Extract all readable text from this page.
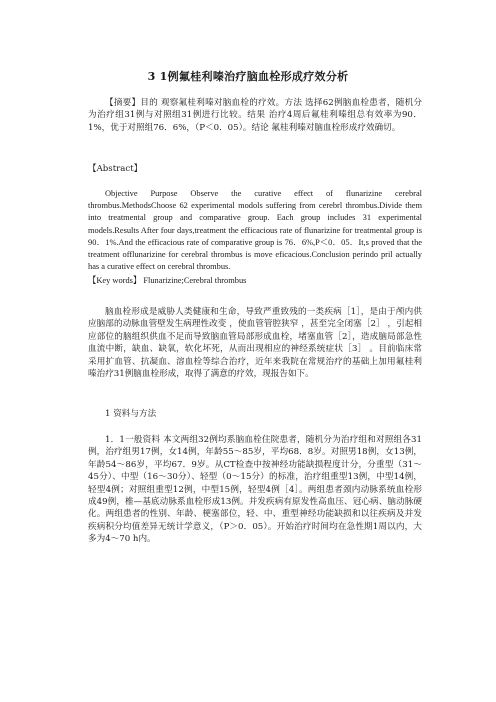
3 1例氟桂利嗪治疗脑血栓形成疗效分析
【摘要】目的 观察氟桂利嗪对脑血栓的疗效。方法 选择62例脑血栓患者，随机分为治疗组31例与对照组31例进行比较。结果 治疗4周后氟桂利嗪组总有效率为90．1%，优于对照组76．6%，（P＜0．05）。结论 氟桂利嗪对脑血栓形成疗效确切。
【Abstract】
Objective Purpose Observe the curative effect of flunarizine cerebral thrombus.MethodsChoose 62 experimental modols suffering from cerebrl thrombus.Divide them into treatmental group and comparative group. Each group includes 31 experimental models.Results After four days,treatment the efficacious rate of flunarizine for treatmental group is 90．1%.And the efficacious rate of comparative group is 76．6%,P＜0．05．It,s proved that the treatment offlunarizine for cerebral thrombus is move eficacious.Conclusion perindo pril actually has a curative effect on cerebral thrombus.
【Key words】 Flunarizine;Cerebral thrombus
脑血栓形成是威胁人类健康和生命，导致严重致残的一类疾病［1］，是由于颅内供应脑部的动脉血管壁发生病理性改变 ，使血管管腔狭窄 ，甚至完全闭塞［2］ ，引起相应部位的脑组织供血不足而导致脑血管局部形成血栓，堵塞血管［2］，造成脑局部急性血流中断，缺血、缺氧，软化坏死，从而出现相应的神经系统症状［3］ 。目前临床常采用扩血管、抗凝血、溶血栓等综合治疗，近年来我院在常规治疗的基础上加用氟桂利嗪治疗31例脑血栓形成，取得了满意的疗效，现报告如下。
1 资料与方法
1．1一般资料 本文两组32例均系脑血栓住院患者，随机分为治疗组和对照组各31例，治疗组男17例，女14例，年龄55～85岁，平均68．8岁。对照男18例，女13例，年龄54～86岁，平均67．9岁。从CT检查中按神经功能缺损程度计分，分重型（31～45分）、中型（16～30分）、轻型（0～15分）的标准，治疗组重型13例，中型14例，轻型4例；对照组重型12例，中型15例，轻型4例［4］。两组患者颈内动脉系统血栓形成49例，椎—基底动脉系血栓形成13例。并发疾病有原发性高血压、冠心病、脑动脉硬化。两组患者的性别、年龄、梗塞部位，轻、中、重型神经功能缺损和以往疾病及并发疾病积分均值差异无统计学意义，（P＞0．05）。开始治疗时间均在急性期1周以内，大多为4～70 h内。
